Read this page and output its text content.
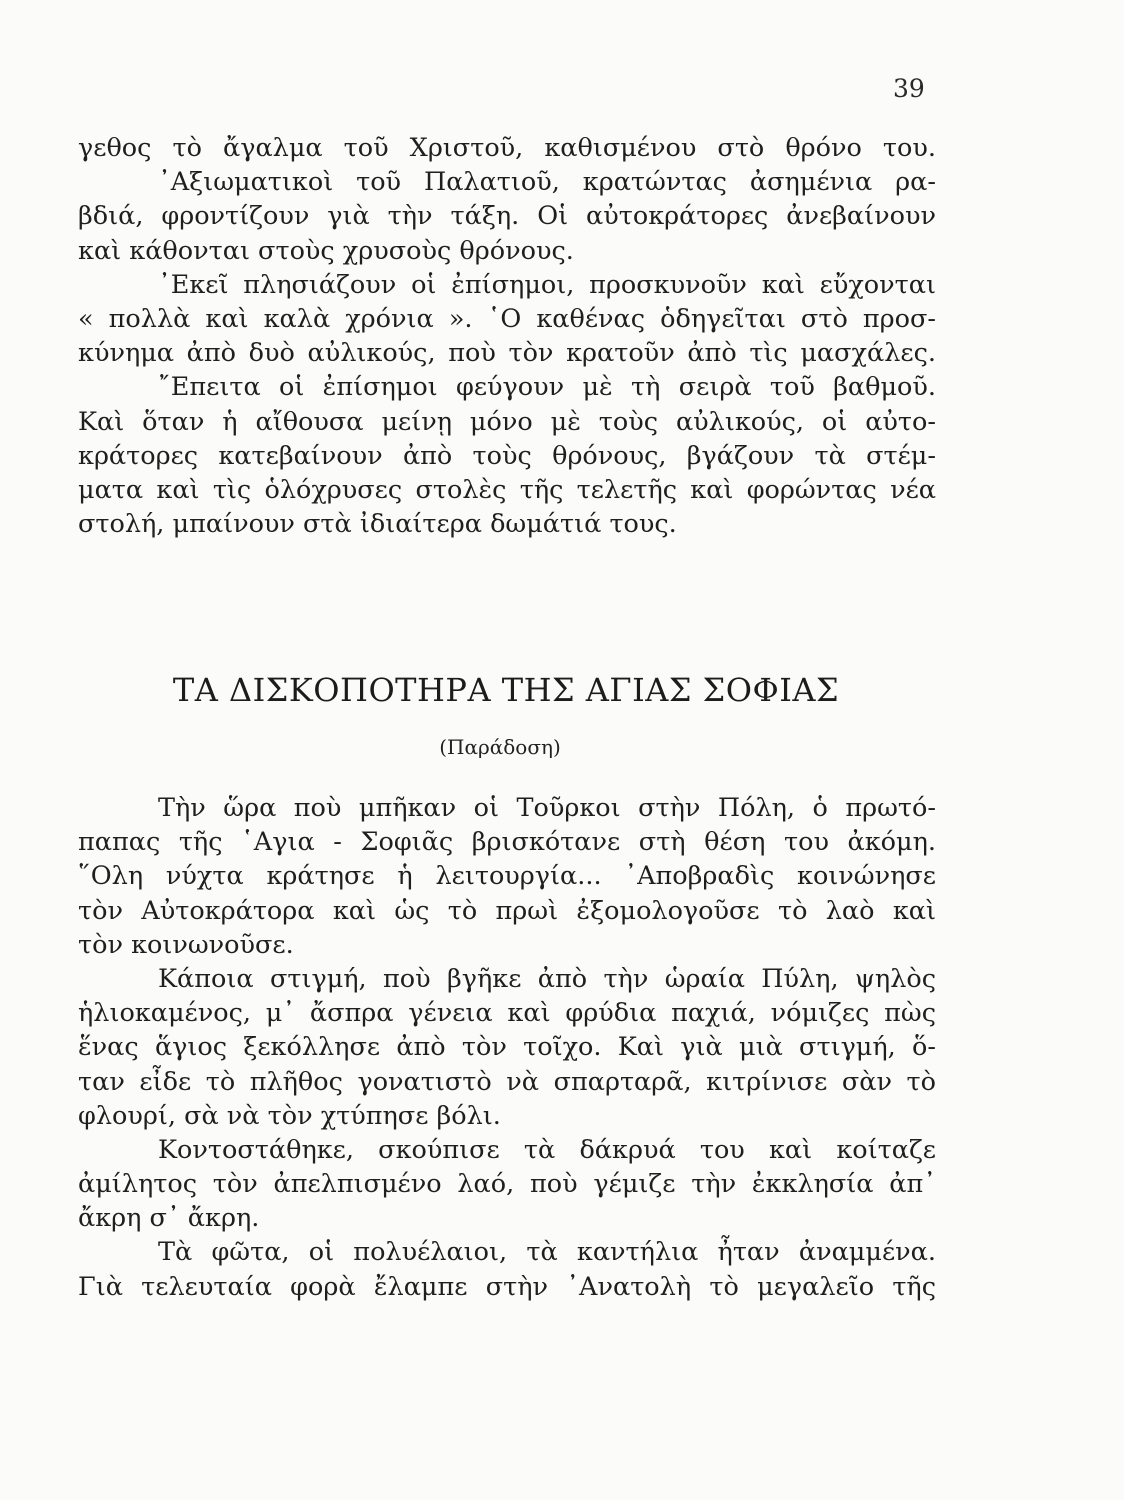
39
γεθος τὸ ἄγαλμα τοῦ Χριστοῦ, καθισμένου στὸ θρόνο του.
᾿Αξιωματικοὶ τοῦ Παλατιοῦ, κρατώντας ἀσημένια ρα-
βδιά, φροντίζουν γιὰ τὴν τάξη. Οἱ αὐτοκράτορες ἀνεβαίνουν
καὶ κάθονται στοὺς χρυσοὺς θρόνους.
᾿Εκεῖ πλησιάζουν οἱ ἐπίσημοι, προσκυνοῦν καὶ εὔχονται
« πολλὰ καὶ καλὰ χρόνια ». ῾Ο καθένας ὁδηγεῖται στὸ προσ-
κύνημα ἀπὸ δυὸ αὐλικούς, ποὺ τὸν κρατοῦν ἀπὸ τὶς μασχάλες.
῎Επειτα οἱ ἐπίσημοι φεύγουν μὲ τὴ σειρὰ τοῦ βαθμοῦ.
Καὶ ὅταν ἡ αἴθουσα μείνῃ μόνο μὲ τοὺς αὐλικούς, οἱ αὐτο-
κράτορες κατεβαίνουν ἀπὸ τοὺς θρόνους, βγάζουν τὰ στέμ-
ματα καὶ τὶς ὁλόχρυσες στολὲς τῆς τελετῆς καὶ φορώντας νέα
στολή, μπαίνουν στὰ ἰδιαίτερα δωμάτιά τους.
ΤΑ ΔΙΣΚΟΠΟΤΗΡΑ ΤΗΣ ΑΓΙΑΣ ΣΟΦΙΑΣ
(Παράδοση)
Τὴν ὥρα ποὺ μπῆκαν οἱ Τοῦρκοι στὴν Πόλη, ὁ πρωτό-
παπας τῆς ῾Αγια - Σοφιᾶς βρισκότανε στὴ θέση του ἀκόμη.
῞Ολη νύχτα κράτησε ἡ λειτουργία... ᾿Αποβραδὶς κοινώνησε
τὸν Αὐτοκράτορα καὶ ὡς τὸ πρωὶ ἐξομολογοῦσε τὸ λαὸ καὶ
τὸν κοινωνοῦσε.
Κάποια στιγμή, ποὺ βγῆκε ἀπὸ τὴν ὡραία Πύλη, ψηλὸς
ἡλιοκαμένος, μ᾿ ἄσπρα γένεια καὶ φρύδια παχιά, νόμιζες πὼς
ἕνας ἅγιος ξεκόλλησε ἀπὸ τὸν τοῖχο. Καὶ γιὰ μιὰ στιγμή, ὅ-
ταν εἶδε τὸ πλῆθος γονατιστὸ νὰ σπαρταρᾶ, κιτρίνισε σὰν τὸ
φλουρί, σὰ νὰ τὸν χτύπησε βόλι.
Κοντοστάθηκε, σκούπισε τὰ δάκρυά του καὶ κοίταζε
ἀμίλητος τὸν ἀπελπισμένο λαό, ποὺ γέμιζε τὴν ἐκκλησία ἀπ᾿
ἄκρη σ᾿ ἄκρη.
Τὰ φῶτα, οἱ πολυέλαιοι, τὰ καντήλια ἦταν ἀναμμένα.
Γιὰ τελευταία φορὰ ἔλαμπε στὴν ᾿Ανατολὴ τὸ μεγαλεῖο τῆς
